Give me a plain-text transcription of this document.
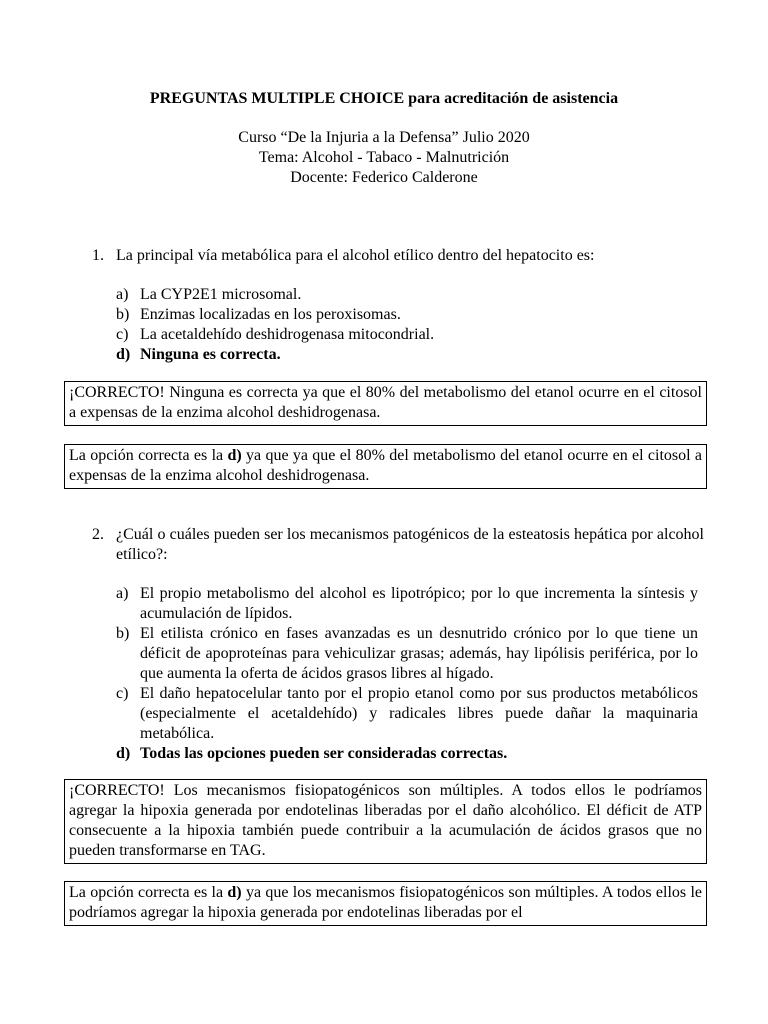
PREGUNTAS MULTIPLE CHOICE para acreditación de asistencia
Curso “De la Injuria a la Defensa” Julio 2020
Tema: Alcohol - Tabaco - Malnutrición
Docente: Federico Calderone
1. La principal vía metabólica para el alcohol etílico dentro del hepatocito es:
a) La CYP2E1 microsomal.
b) Enzimas localizadas en los peroxisomas.
c) La acetaldehído deshidrogenasa mitocondrial.
d) Ninguna es correcta.
¡CORRECTO! Ninguna es correcta ya que el 80% del metabolismo del etanol ocurre en el citosol a expensas de la enzima alcohol deshidrogenasa.
La opción correcta es la d) ya que ya que el 80% del metabolismo del etanol ocurre en el citosol a expensas de la enzima alcohol deshidrogenasa.
2. ¿Cuál o cuáles pueden ser los mecanismos patogénicos de la esteatosis hepática por alcohol etílico?:
a) El propio metabolismo del alcohol es lipotrópico; por lo que incrementa la síntesis y acumulación de lípidos.
b) El etilista crónico en fases avanzadas es un desnutrido crónico por lo que tiene un déficit de apoproteínas para vehiculizar grasas; además, hay lipólisis periférica, por lo que aumenta la oferta de ácidos grasos libres al hígado.
c) El daño hepatocelular tanto por el propio etanol como por sus productos metabólicos (especialmente el acetaldehído) y radicales libres puede dañar la maquinaria metabólica.
d) Todas las opciones pueden ser consideradas correctas.
¡CORRECTO! Los mecanismos fisiopatogénicos son múltiples. A todos ellos le podríamos agregar la hipoxia generada por endotelinas liberadas por el daño alcohólico. El déficit de ATP consecuente a la hipoxia también puede contribuir a la acumulación de ácidos grasos que no pueden transformarse en TAG.
La opción correcta es la d) ya que los mecanismos fisiopatogénicos son múltiples. A todos ellos le podríamos agregar la hipoxia generada por endotelinas liberadas por el
